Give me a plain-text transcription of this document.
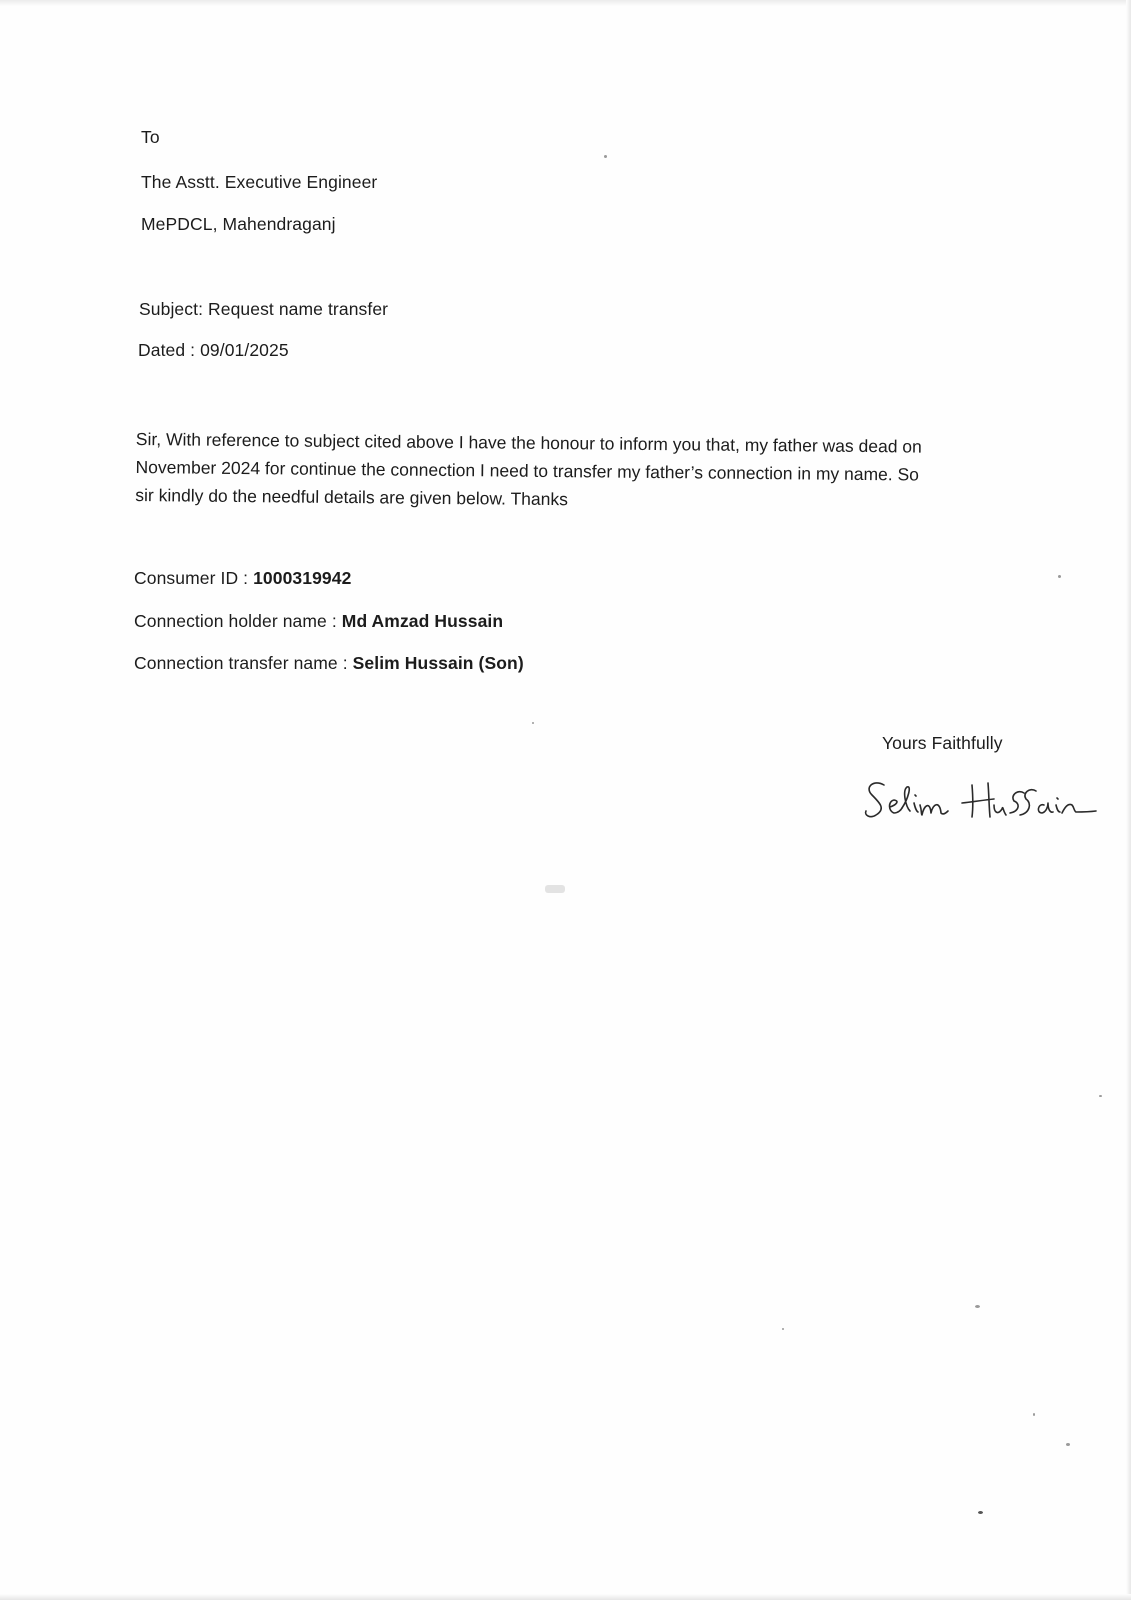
To
The Asstt. Executive Engineer
MePDCL, Mahendraganj
Subject: Request name transfer
Dated : 09/01/2025
Sir, With reference to subject cited above I have the honour to inform you that, my father was dead on
November 2024 for continue the connection I need to transfer my father’s connection in my name. So
sir kindly do the needful details are given below. Thanks
Consumer ID : 1000319942
Connection holder name : Md Amzad Hussain
Connection transfer name : Selim Hussain (Son)
Yours Faithfully
